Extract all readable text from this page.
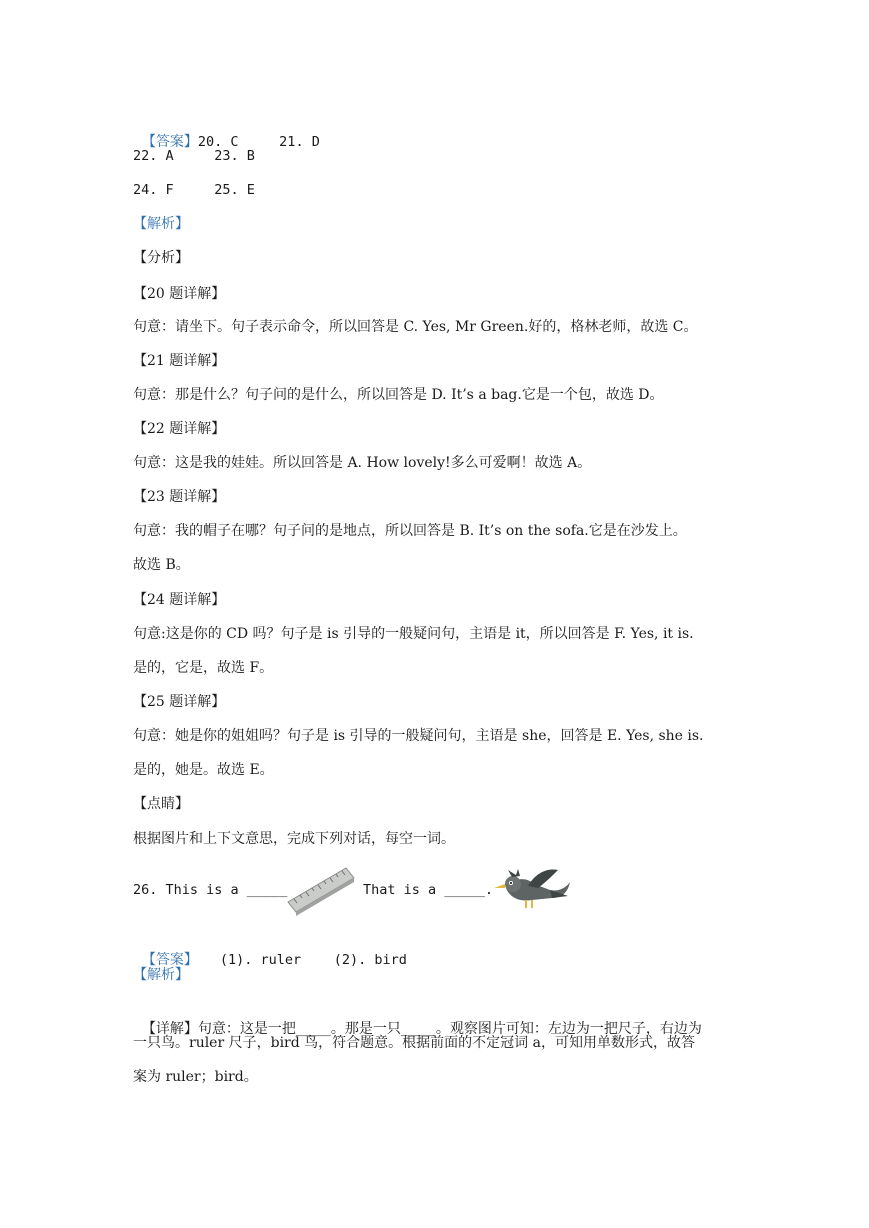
【答案】20. C     21. D

22. A     23. B
24. F     25. E
【解析】
【分析】
【20 题详解】
句意：请坐下。句子表示命令，所以回答是 C. Yes, Mr Green.好的，格林老师，故选 C。
【21 题详解】
句意：那是什么？句子问的是什么，所以回答是 D. It’s a bag.它是一个包，故选 D。
【22 题详解】
句意：这是我的娃娃。所以回答是 A. How lovely!多么可爱啊！故选 A。
【23 题详解】
句意：我的帽子在哪？句子问的是地点，所以回答是 B. It’s on the sofa.它是在沙发上。
故选 B。
【24 题详解】
句意:这是你的 CD 吗？句子是 is 引导的一般疑问句，主语是 it，所以回答是 F. Yes, it is.
是的，它是，故选 F。
【25 题详解】
句意：她是你的姐姐吗？句子是 is 引导的一般疑问句，主语是 she，回答是 E. Yes, she is.
是的，她是。故选 E。
【点睛】
根据图片和上下文意思，完成下列对话，每空一词。
26. This is a _____	That is a _____.

【答案】 (1). ruler    (2). bird

【解析】

【详解】句意：这是一把_____。那是一只_____。观察图片可知：左边为一把尺子，右边为

一只鸟。ruler 尺子，bird 鸟，符合题意。根据前面的不定冠词 a，可知用单数形式，故答
案为 ruler；bird。
